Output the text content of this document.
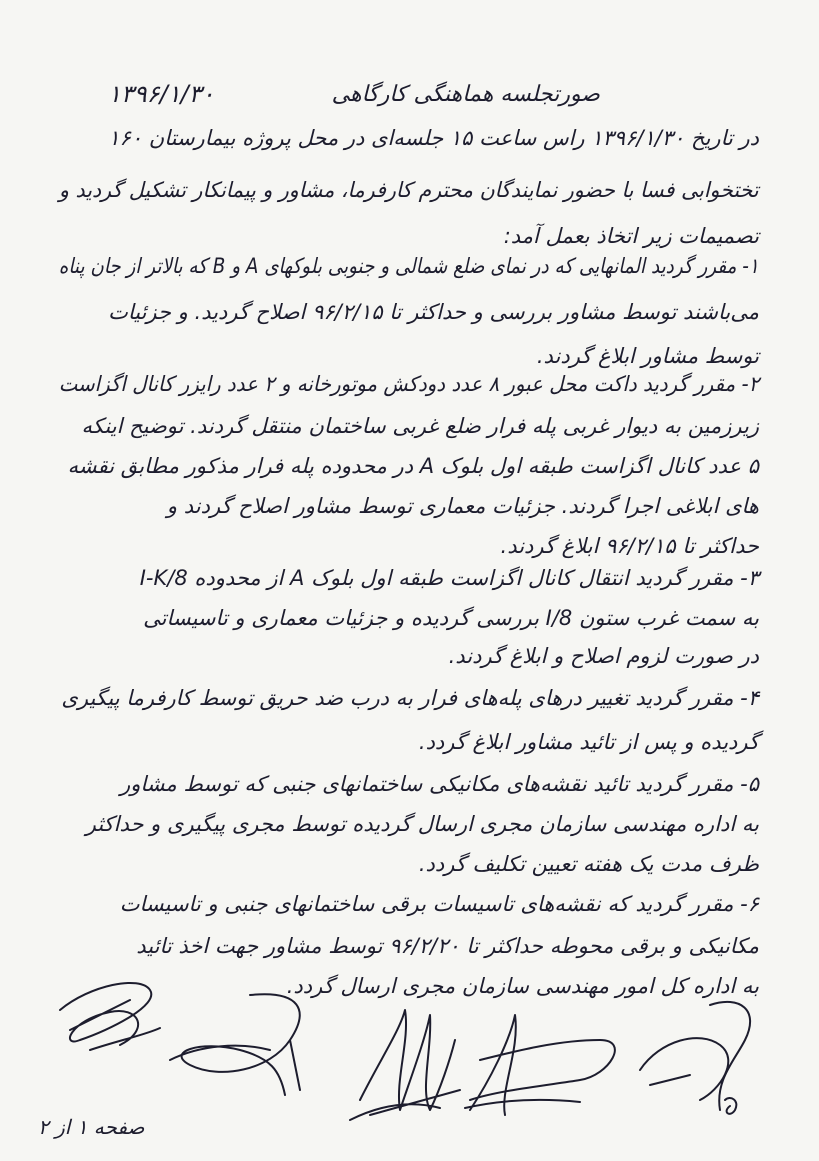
۱۳۹۶/۱/۳۰	صورتجلسه هماهنگی کارگاهی
در تاریخ ۱۳۹۶/۱/۳۰ راس ساعت ۱۵ جلسه‌ای در محل پروژه بیمارستان ۱۶۰
تختخوابی فسا با حضور نمایندگان محترم کارفرما، مشاور و پیمانکار تشکیل گردید و
تصمیمات زیر اتخاذ بعمل آمد:
۱- مقرر گردید المانهایی که در نمای ضلع شمالی و جنوبی بلوکهای A و B که بالاتر از جان پناه
می‌باشند توسط مشاور بررسی و حداکثر تا ۹۶/۲/۱۵ اصلاح گردید. و جزئیات
توسط مشاور ابلاغ گردند.
۲- مقرر گردید داکت محل عبور ۸ عدد دودکش موتورخانه و ۲ عدد رایزر کانال اگزاست
زیرزمین به دیوار غربی پله فرار ضلع غربی ساختمان منتقل گردند. توضیح اینکه
۵ عدد کانال اگزاست طبقه اول بلوک A در محدوده پله فرار مذکور مطابق نقشه
های ابلاغی اجرا گردند. جزئیات معماری توسط مشاور اصلاح گردند و
حداکثر تا ۹۶/۲/۱۵ ابلاغ گردند.
۳- مقرر گردید انتقال کانال اگزاست طبقه اول بلوک A از محدوده I-K/8
به سمت غرب ستون I/8 بررسی گردیده و جزئیات معماری و تاسیساتی
در صورت لزوم اصلاح و ابلاغ گردند.
۴- مقرر گردید تغییر درهای پله‌های فرار به درب ضد حریق توسط کارفرما پیگیری
گردیده و پس از تائید مشاور ابلاغ گردد.
۵- مقرر گردید تائید نقشه‌های مکانیکی ساختمانهای جنبی که توسط مشاور
به اداره مهندسی سازمان مجری ارسال گردیده توسط مجری پیگیری و حداکثر
ظرف مدت یک هفته تعیین تکلیف گردد.
۶- مقرر گردید که نقشه‌های تاسیسات برقی ساختمانهای جنبی و تاسیسات
مکانیکی و برقی محوطه حداکثر تا ۹۶/۲/۲۰ توسط مشاور جهت اخذ تائید
به اداره کل امور مهندسی سازمان مجری ارسال گردد.
صفحه ۱ از ۲
